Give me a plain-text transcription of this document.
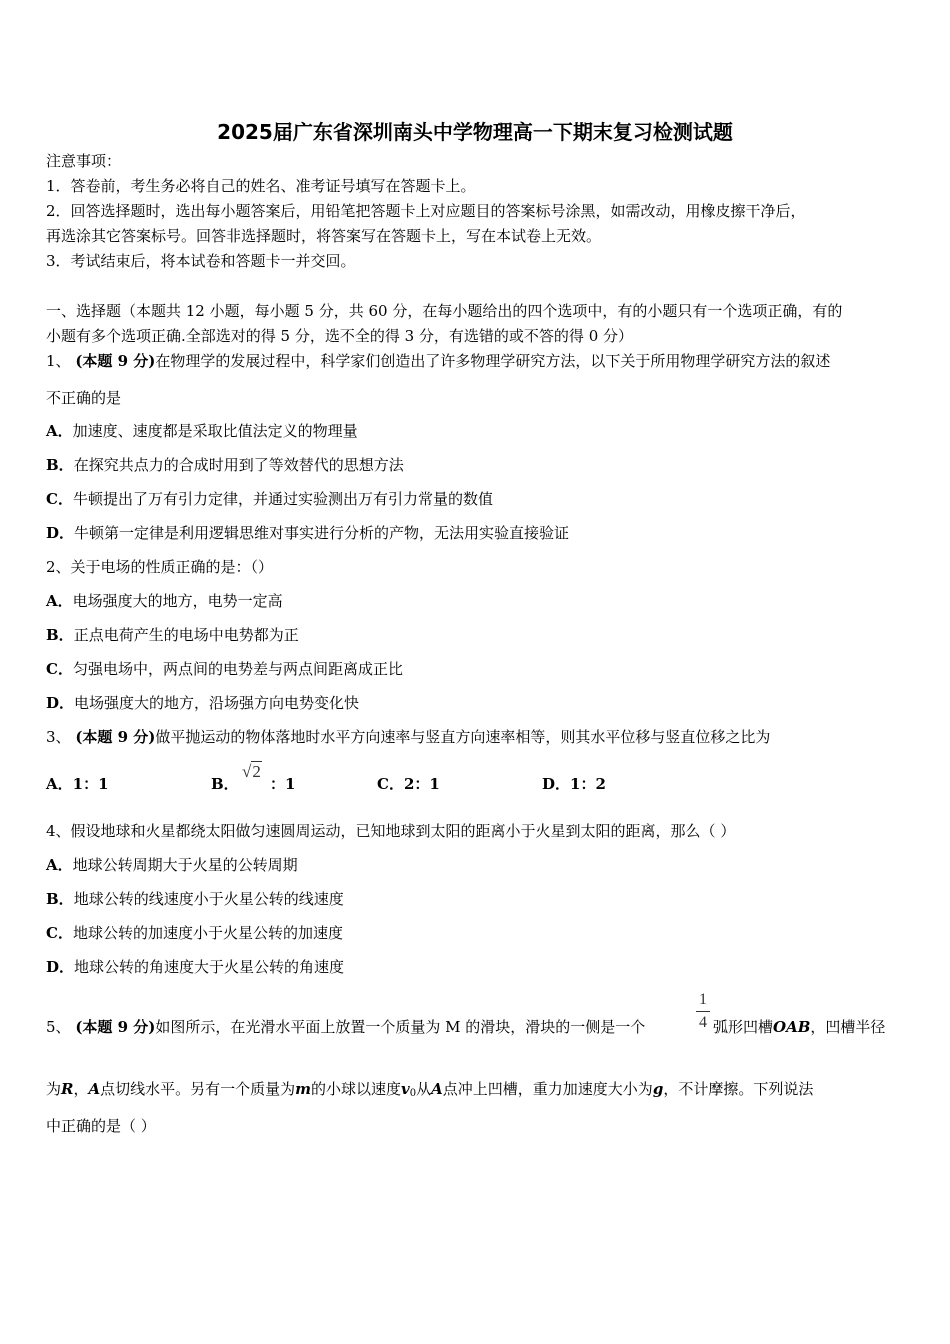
2025届广东省深圳南头中学物理高一下期末复习检测试题
注意事项：
1．答卷前，考生务必将自己的姓名、准考证号填写在答题卡上。
2．回答选择题时，选出每小题答案后，用铅笔把答题卡上对应题目的答案标号涂黑，如需改动，用橡皮擦干净后，
再选涂其它答案标号。回答非选择题时，将答案写在答题卡上，写在本试卷上无效。
3．考试结束后，将本试卷和答题卡一并交回。
一、选择题（本题共 12 小题，每小题 5 分，共 60 分，在每小题给出的四个选项中，有的小题只有一个选项正确，有的
小题有多个选项正确.全部选对的得 5 分，选不全的得 3 分，有选错的或不答的得 0 分）
1、 (本题 9 分)在物理学的发展过程中，科学家们创造出了许多物理学研究方法，以下关于所用物理学研究方法的叙述
不正确的是
A．加速度、速度都是采取比值法定义的物理量
B．在探究共点力的合成时用到了等效替代的思想方法
C．牛顿提出了万有引力定律，并通过实验测出万有引力常量的数值
D．牛顿第一定律是利用逻辑思维对事实进行分析的产物，无法用实验直接验证
2、关于电场的性质正确的是：（）
A．电场强度大的地方，电势一定高
B．正点电荷产生的电场中电势都为正
C．匀强电场中，两点间的电势差与两点间距离成正比
D．电场强度大的地方，沿场强方向电势变化快
3、 (本题 9 分)做平抛运动的物体落地时水平方向速率与竖直方向速率相等，则其水平位移与竖直位移之比为
A．1：1	B．
√2
：1	C．2：1	D．1：2
4、假设地球和火星都绕太阳做匀速圆周运动，已知地球到太阳的距离小于火星到太阳的距离，那么（ ）
A．地球公转周期大于火星的公转周期
B．地球公转的线速度小于火星公转的线速度
C．地球公转的加速度小于火星公转的加速度
D．地球公转的角速度大于火星公转的角速度
5、 (本题 9 分)如图所示，在光滑水平面上放置一个质量为 M 的滑块，滑块的一侧是一个
1
4 弧形凹槽OAB，凹槽半径
为R，A点切线水平。另有一个质量为m的小球以速度$v_0$从A点冲上凹槽，重力加速度大小为g，不计摩擦。下列说法
中正确的是（ ）
